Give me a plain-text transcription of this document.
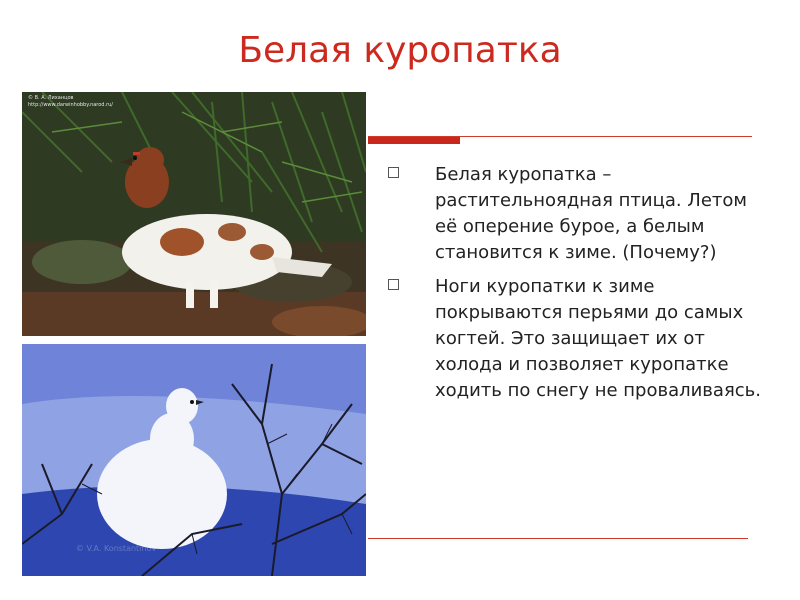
Белая куропатка
© В. А. Лиханцов
http://www.darwinhobby.narod.ru/
© V.A. Konstantinov
Белая куропатка – растительноядная птица. Летом её оперение бурое, а белым становится к зиме. (Почему?)
Ноги куропатки к зиме покрываются перьями до самых когтей. Это защищает их от холода и позволяет куропатке ходить по снегу не проваливаясь.
